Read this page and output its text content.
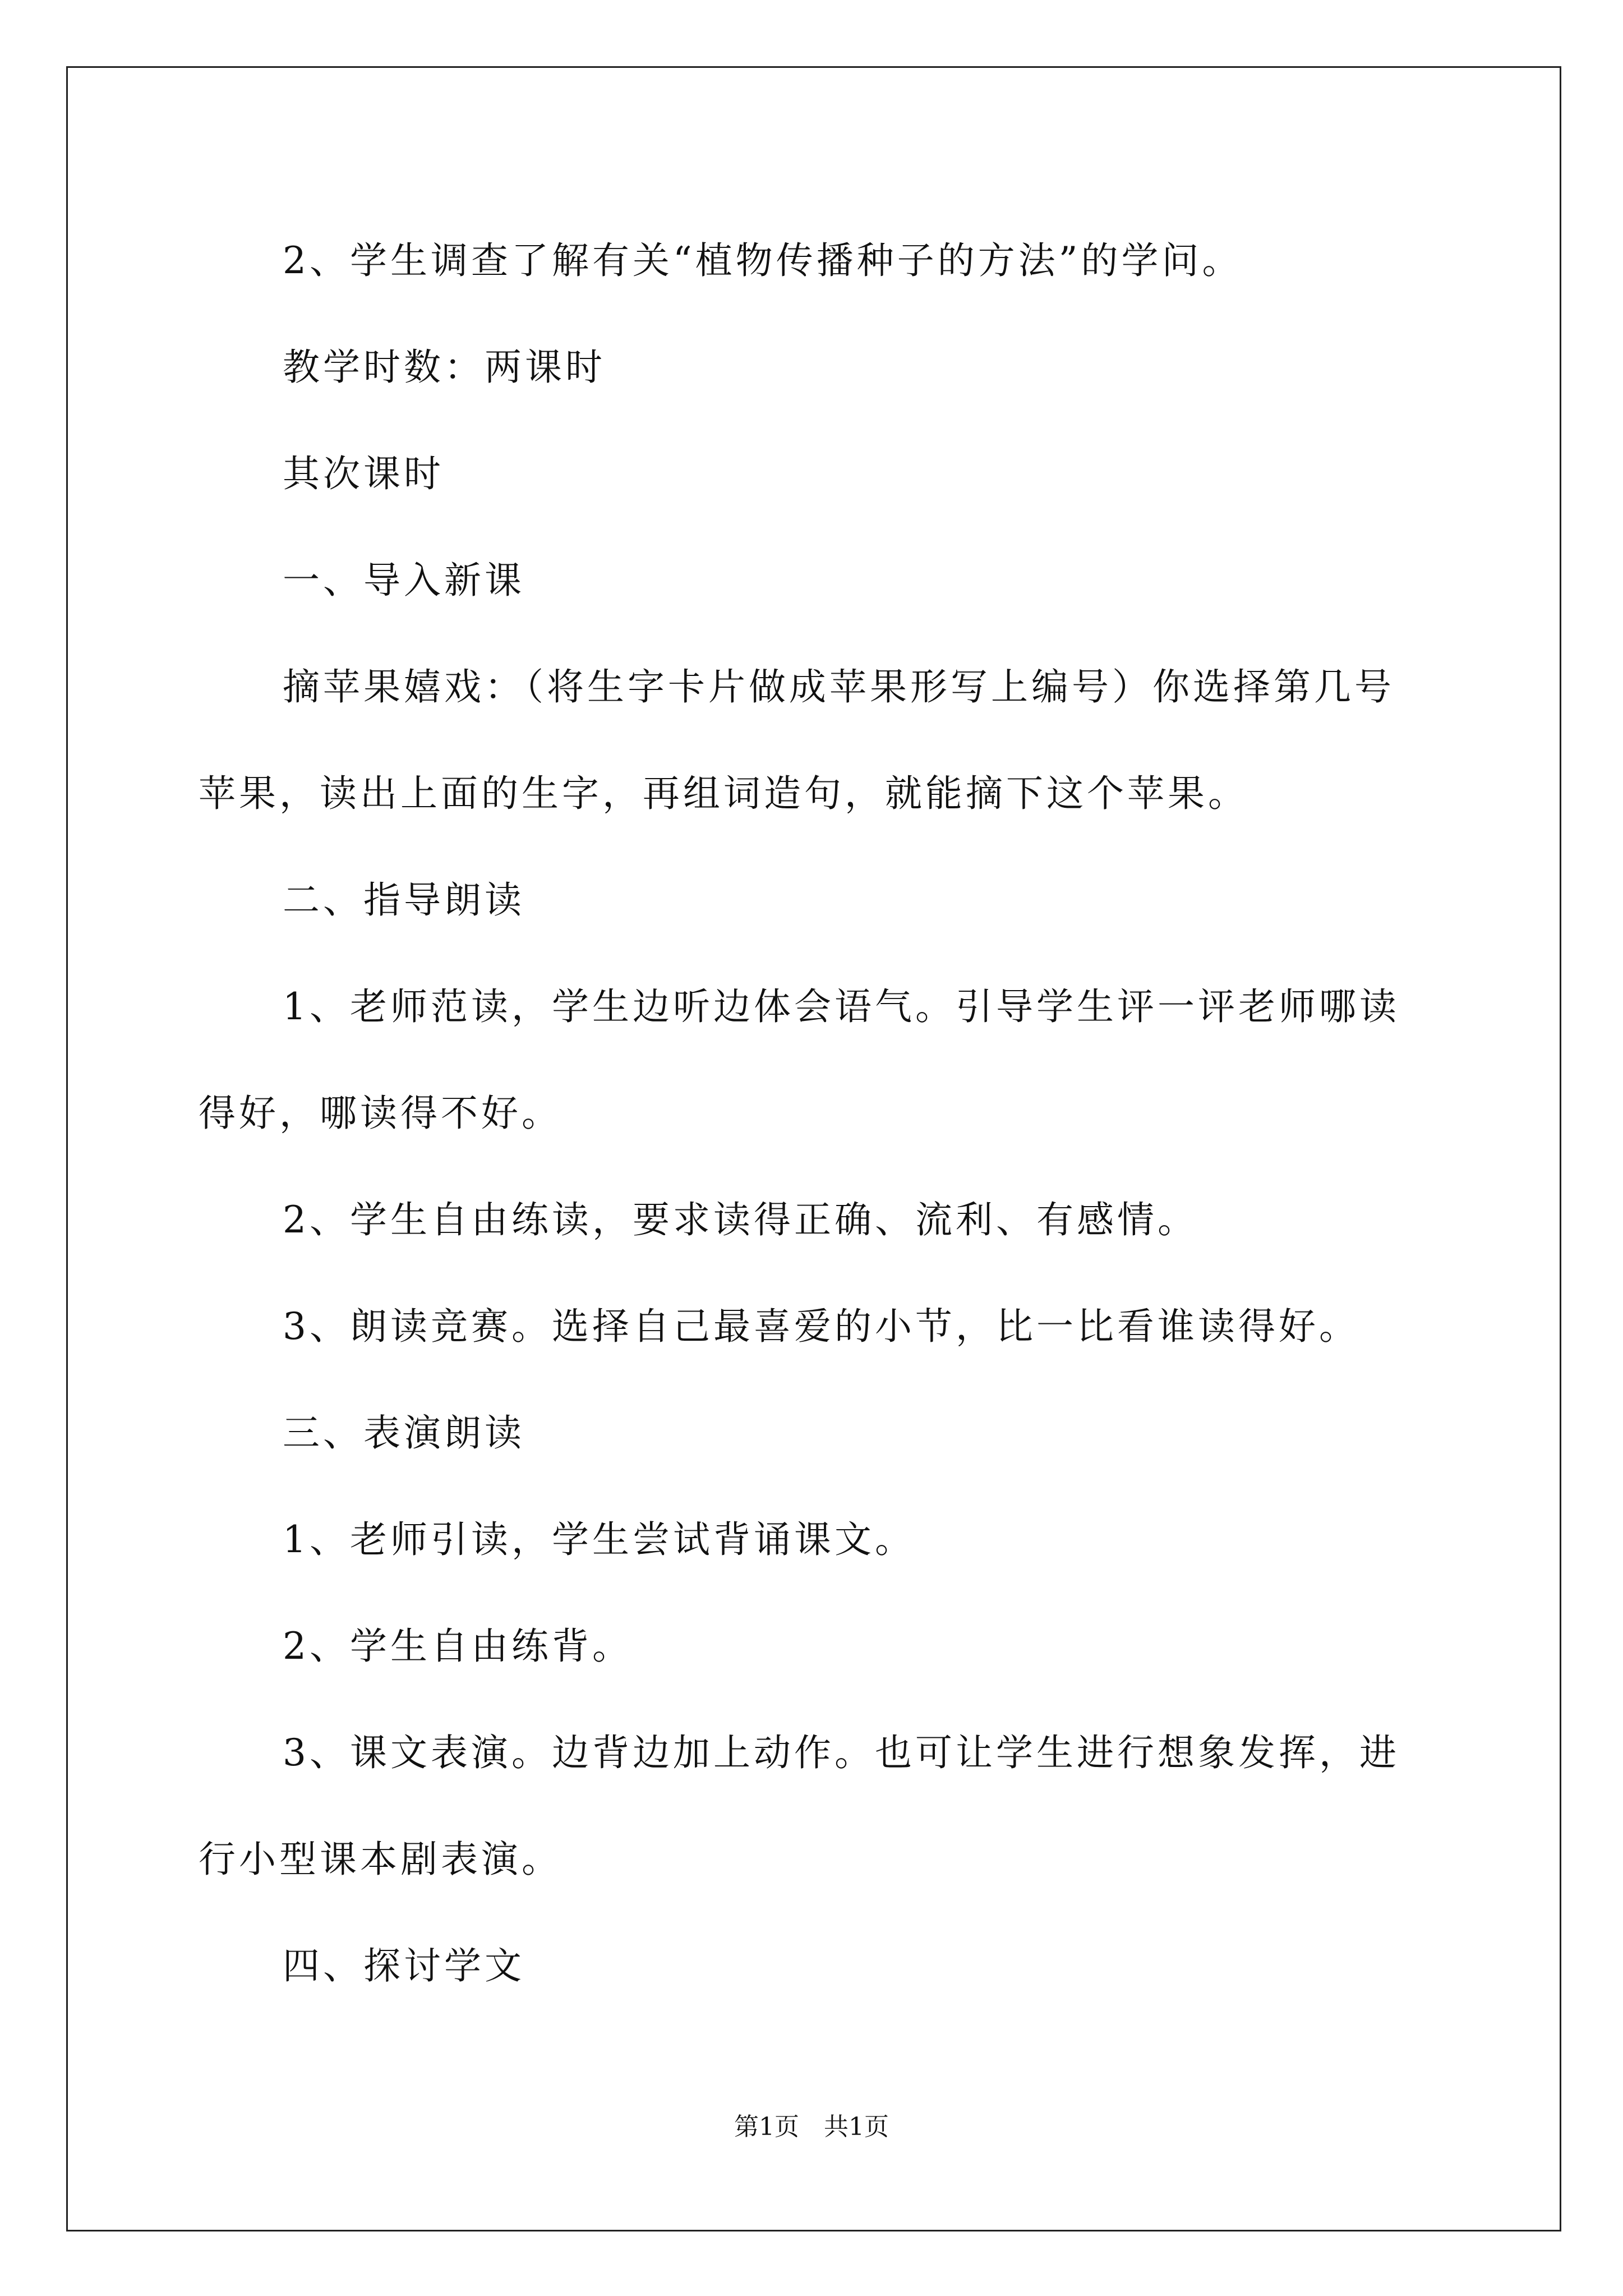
2、学生调查了解有关“植物传播种子的方法”的学问。

教学时数：两课时

其次课时

一、导入新课

摘苹果嬉戏：（将生字卡片做成苹果形写上编号）你选择第几号苹果，读出上面的生字，再组词造句，就能摘下这个苹果。

二、指导朗读

1、老师范读，学生边听边体会语气。引导学生评一评老师哪读得好，哪读得不好。

2、学生自由练读，要求读得正确、流利、有感情。

3、朗读竞赛。选择自己最喜爱的小节，比一比看谁读得好。

三、表演朗读

1、老师引读，学生尝试背诵课文。

2、学生自由练背。

3、课文表演。边背边加上动作。也可让学生进行想象发挥，进行小型课本剧表演。

四、探讨学文

第1页　共1页
